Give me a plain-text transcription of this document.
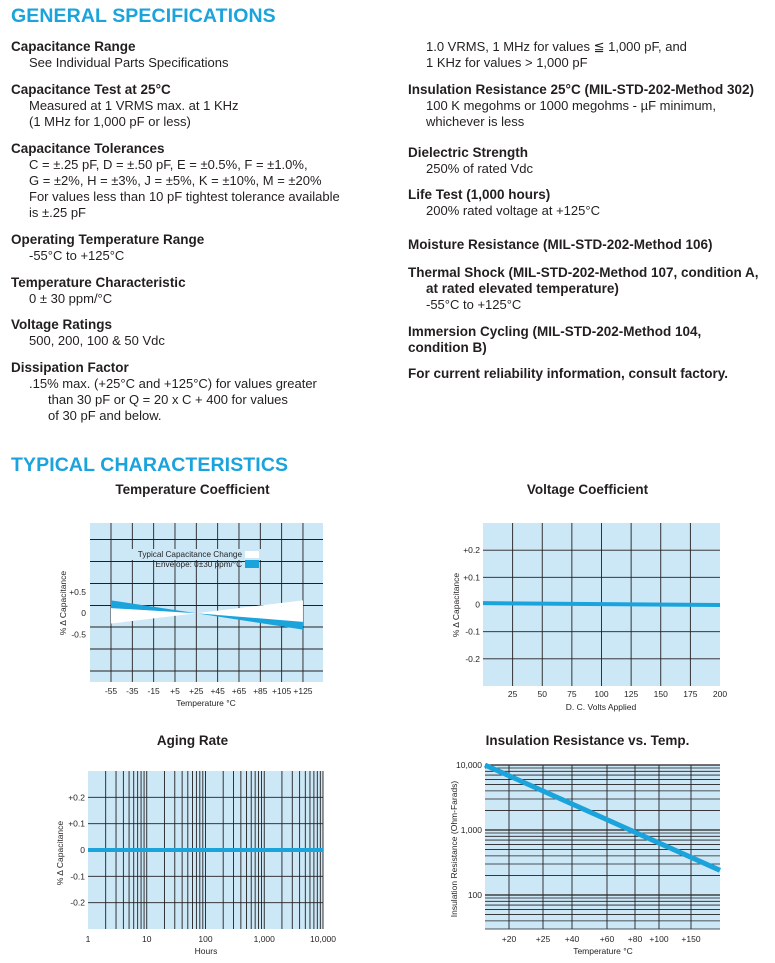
GENERAL SPECIFICATIONS
Capacitance Range
See Individual Parts Specifications
Capacitance Test at 25°C
Measured at 1 VRMS max. at 1 KHz
(1 MHz for 1,000 pF or less)
Capacitance Tolerances
C = ±.25 pF, D = ±.50 pF, E = ±0.5%, F = ±1.0%,
G = ±2%, H = ±3%, J = ±5%, K = ±10%, M = ±20%
For values less than 10 pF tightest tolerance available
is ±.25 pF
Operating Temperature Range
-55°C to +125°C
Temperature Characteristic
0 ± 30 ppm/°C
Voltage Ratings
500, 200, 100 & 50 Vdc
Dissipation Factor
.15% max. (+25°C and +125°C) for values greater
than 30 pF or Q = 20 x C + 400 for values
of 30 pF and below.
1.0 VRMS, 1 MHz for values ≦ 1,000 pF, and
1 KHz for values > 1,000 pF
Insulation Resistance 25°C (MIL-STD-202-Method 302)
100 K megohms or 1000 megohms - µF minimum,
whichever is less
Dielectric Strength
250% of rated Vdc
Life Test (1,000 hours)
200% rated voltage at +125°C
Moisture Resistance (MIL-STD-202-Method 106)
Thermal Shock (MIL-STD-202-Method 107, condition A,
at rated elevated temperature)
-55°C to +125°C
Immersion Cycling (MIL-STD-202-Method 104,
condition B)
For current reliability information, consult factory.
TYPICAL CHARACTERISTICS
Temperature Coefficient	Voltage Coefficient
Aging Rate	Insulation Resistance vs. Temp.
Typical Capacitance Change
Envelope: 0±30 ppm/°C
+0.5
0
-0.5
-55 -35 -15 +5 +25 +45 +65 +85 +105 +125
Temperature °C
% Δ Capacitance
+0.2
+0.1
0
-0.1
-0.2
25 50 75 100 125 150 175 200
D. C. Volts Applied
% Δ Capacitance
+0.2
+0.1
0
-0.1
-0.2
1	10	100	1,000	10,000
Hours
% Δ Capacitance
10,000
1,000
100
+20 +25 +40 +60 +80 +100 +150
Temperature °C
Insulation Resistance (Ohm-Farads)
